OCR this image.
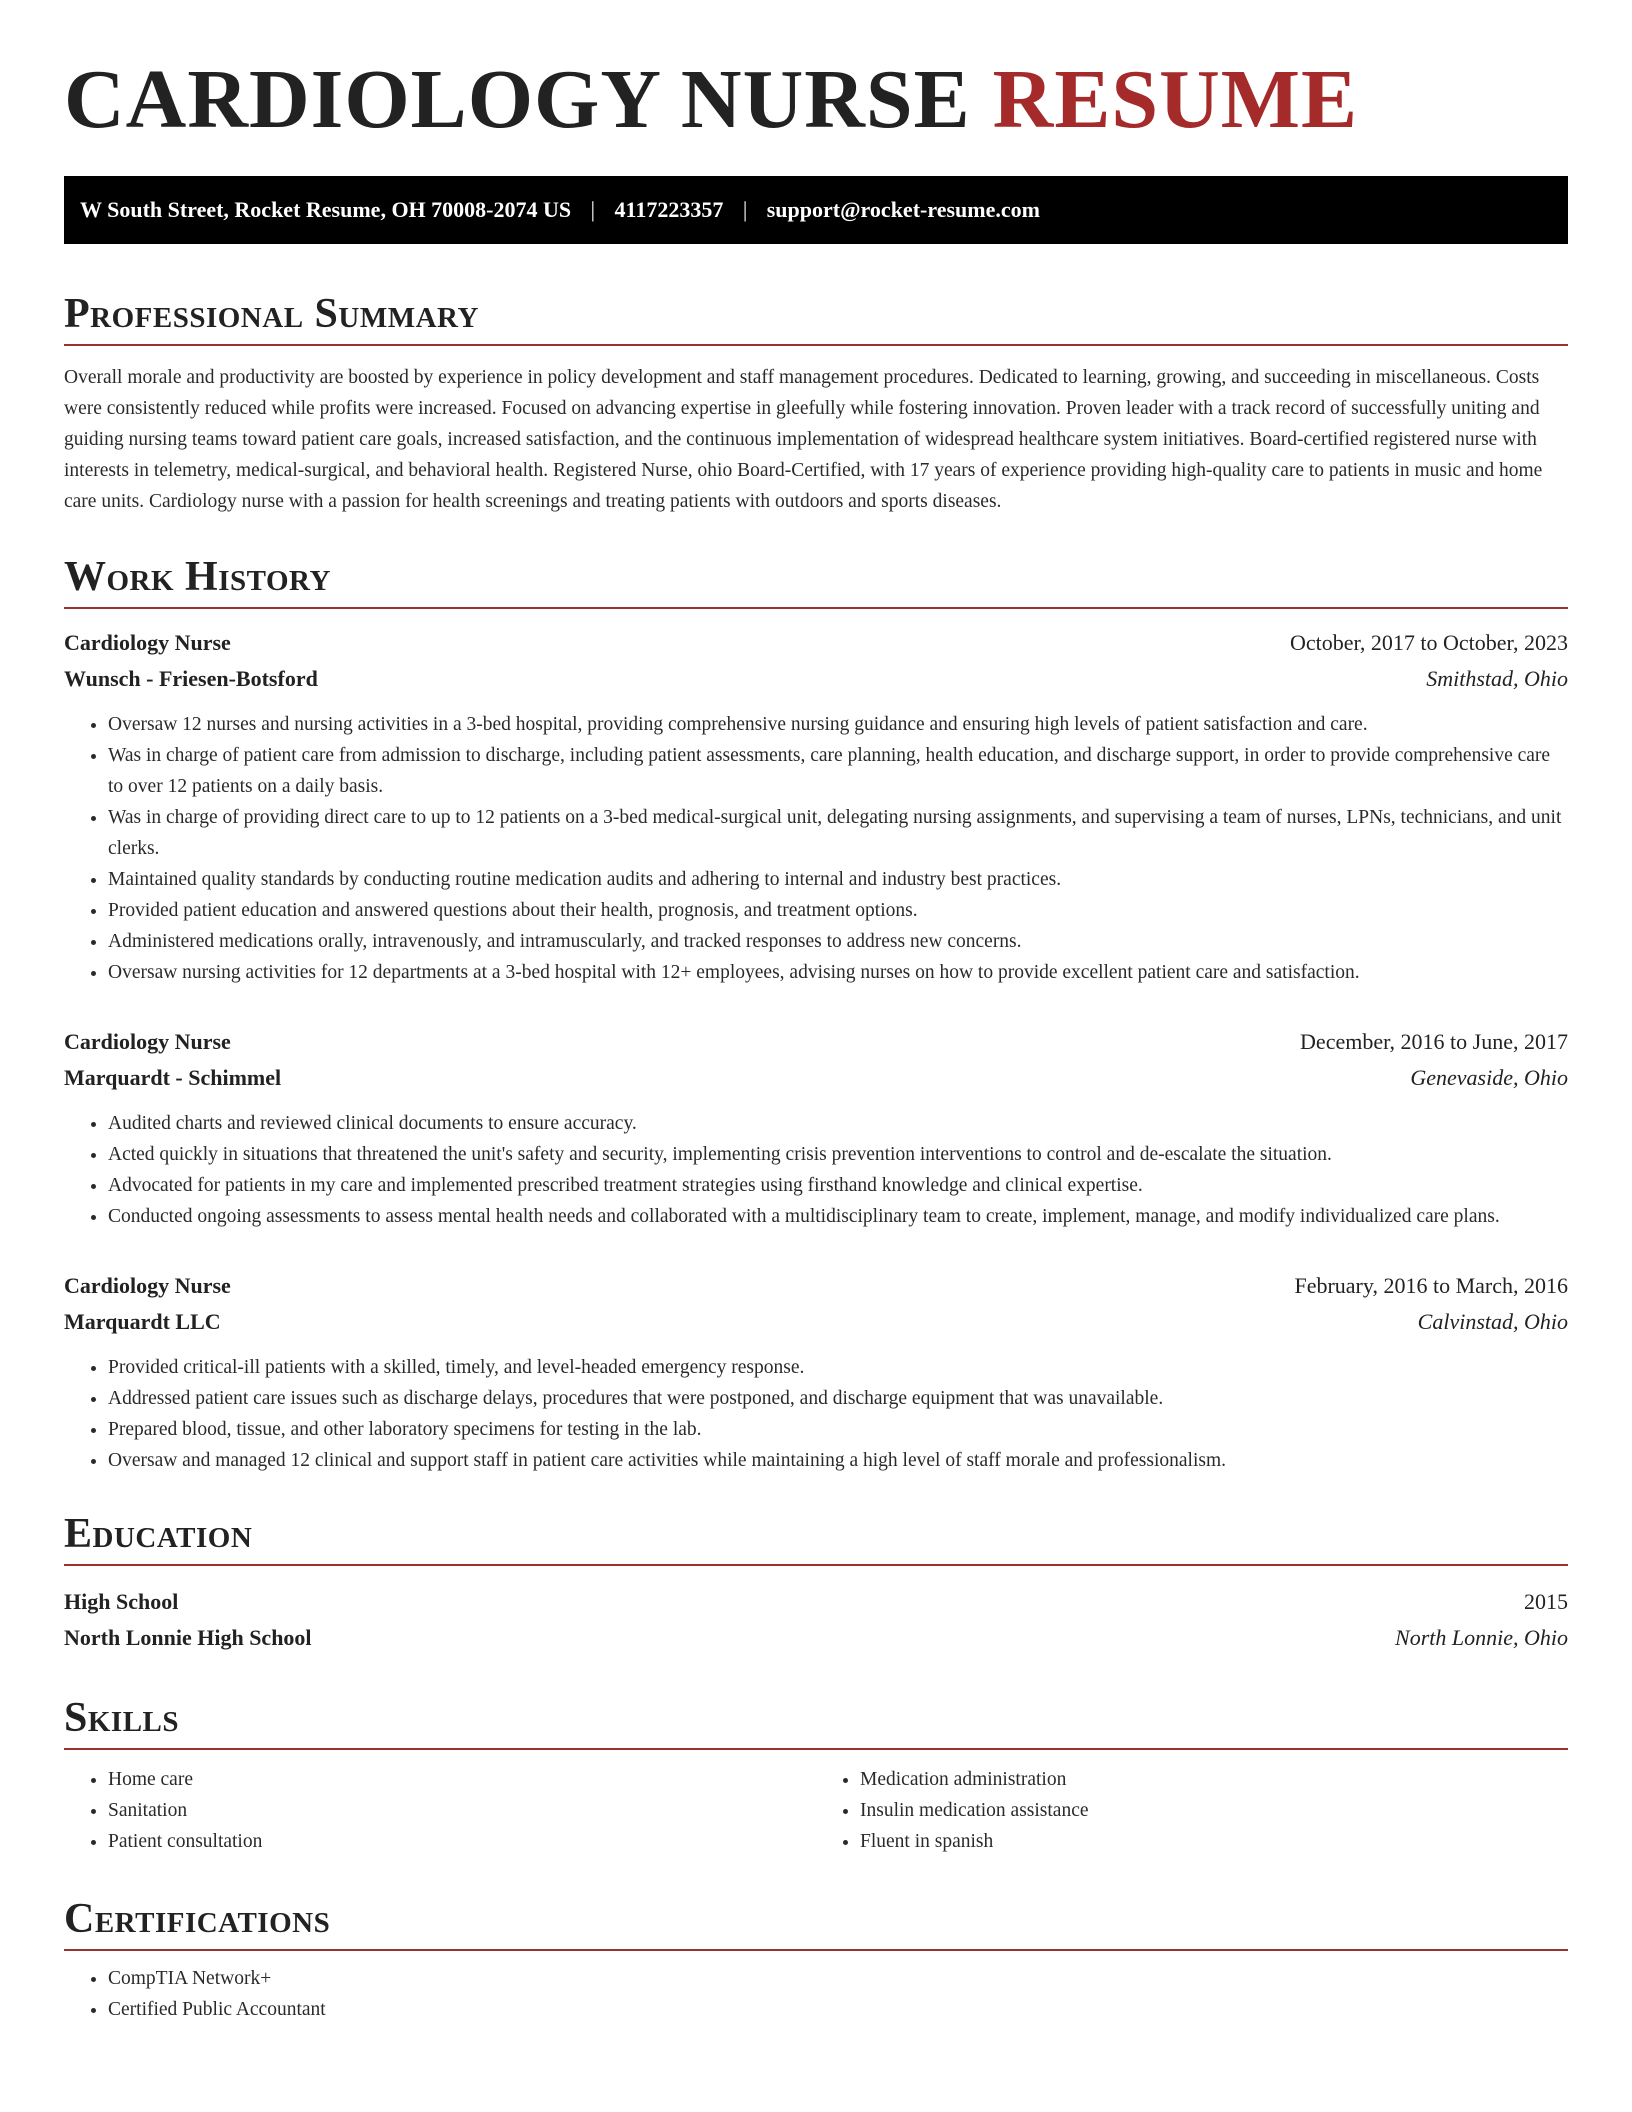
CARDIOLOGY NURSE RESUME
W South Street, Rocket Resume, OH 70008-2074 US | 4117223357 | support@rocket-resume.com
Professional Summary

Overall morale and productivity are boosted by experience in policy development and staff management procedures. Dedicated to learning, growing, and succeeding in miscellaneous. Costs were consistently reduced while profits were increased. Focused on advancing expertise in gleefully while fostering innovation. Proven leader with a track record of successfully uniting and guiding nursing teams toward patient care goals, increased satisfaction, and the continuous implementation of widespread healthcare system initiatives. Board-certified registered nurse with interests in telemetry, medical-surgical, and behavioral health. Registered Nurse, ohio Board-Certified, with 17 years of experience providing high-quality care to patients in music and home care units. Cardiology nurse with a passion for health screenings and treating patients with outdoors and sports diseases.

Work History
Cardiology Nurse	October, 2017 to October, 2023
Wunsch - Friesen-Botsford	Smithstad, Ohio
• Oversaw 12 nurses and nursing activities in a 3-bed hospital, providing comprehensive nursing guidance and ensuring high levels of patient satisfaction and care.
• Was in charge of patient care from admission to discharge, including patient assessments, care planning, health education, and discharge support, in order to provide comprehensive care to over 12 patients on a daily basis.
• Was in charge of providing direct care to up to 12 patients on a 3-bed medical-surgical unit, delegating nursing assignments, and supervising a team of nurses, LPNs, technicians, and unit clerks.
• Maintained quality standards by conducting routine medication audits and adhering to internal and industry best practices.
• Provided patient education and answered questions about their health, prognosis, and treatment options.
• Administered medications orally, intravenously, and intramuscularly, and tracked responses to address new concerns.
• Oversaw nursing activities for 12 departments at a 3-bed hospital with 12+ employees, advising nurses on how to provide excellent patient care and satisfaction.
Cardiology Nurse	December, 2016 to June, 2017
Marquardt - Schimmel	Genevaside, Ohio
• Audited charts and reviewed clinical documents to ensure accuracy.
• Acted quickly in situations that threatened the unit's safety and security, implementing crisis prevention interventions to control and de-escalate the situation.
• Advocated for patients in my care and implemented prescribed treatment strategies using firsthand knowledge and clinical expertise.
• Conducted ongoing assessments to assess mental health needs and collaborated with a multidisciplinary team to create, implement, manage, and modify individualized care plans.
Cardiology Nurse	February, 2016 to March, 2016
Marquardt LLC	Calvinstad, Ohio
• Provided critical-ill patients with a skilled, timely, and level-headed emergency response.
• Addressed patient care issues such as discharge delays, procedures that were postponed, and discharge equipment that was unavailable.
• Prepared blood, tissue, and other laboratory specimens for testing in the lab.
• Oversaw and managed 12 clinical and support staff in patient care activities while maintaining a high level of staff morale and professionalism.
Education
High School	2015
North Lonnie High School	North Lonnie, Ohio
Skills
• Home care
• Sanitation
• Patient consultation
• Medication administration
• Insulin medication assistance
• Fluent in spanish
Certifications
• CompTIA Network+
• Certified Public Accountant
